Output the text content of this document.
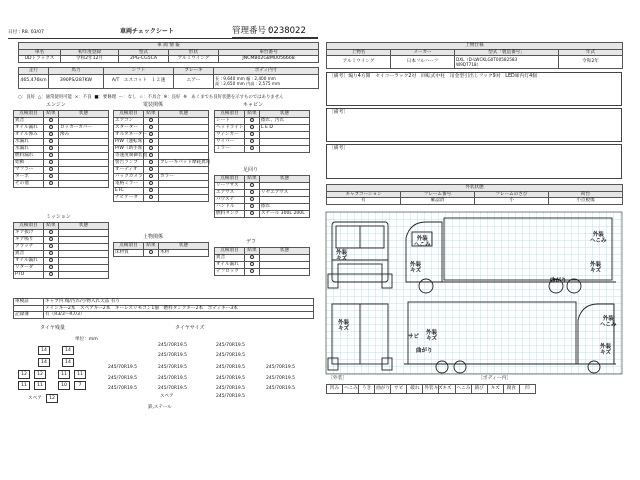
日付 : R8. 03/07	車両チェックシート	管理番号 :
0238022
車 両 情 報				
車名	初年度登録	型式	形状	車台番号
UDトラックス	令和2年12月	2PG-CG5CA	アルミウイング	JNCMB02G8MU056668
走行	馬力	シフト	ブレーキ	ボディ内寸
465,476km	390PS/287KW	A/T　エスコット　１２速	エアー	長 : 9,640 mm 幅 : 2,400 mm
高 : 2,650 mm 内高 : 2,575 mm
○：良好 △：通常使用可能 ×：不良 ■：要修理 ー：なし ☆：不具合 ※：良好 ※　あくまでも良好状態を示すものではありません
エンジン
点検項目	結果	状態
異音		
オイル漏れ		ロッカーカバー
オイル滲み		滲み
水漏れ		
水漏れ		
燃料漏れ		
始動		
マフラー		
ターボ		
その他		
ミッション
点検項目	結果	状態
ギア抜け		
ギア鳴り		
クラッチ		
異音		
オイル漏れ		
リターダ		
PTO		
電装関係
点検項目	結果	状態
エアコン		
スターター		
オルタネーター		
P/W（運転席）		
P/W（助手席）		
等速度制御装置		
警告ランプ		ブレーキパッド摩耗異常
オーディオ		
バックカメラ		カラー
電格ミラー		
ETC		
ナビゲータ		
上物関係
点検項目	結果	状態
床材質		木材
キャビン
点検項目	結果	状態
シート		擦れ、汚れ
ヘッドライト		L E D
ウィンカー		
ワイパー		
ミラー		
足回り
点検項目	結果	状態
リーフサス		
エアサス		リヤエアサス
パワステ		
ハンドル		擦れ
燃料タンク		スチール 300L 200L
デフ
点検項目	結果	状態
異音		
オイル漏れ		
デフロック		
車検証	キャブ内 傷/汚れ/小物入れ欠品 有り
	メインキー2本　スペアキー2本　キーレスリモコン1個　燃料タンクキー2本　ボディキー3本
記録簿	有（R3/3〜R7/3）
タイヤ残量
単位：mm
タイヤサイズ
14	14
14	14
12	12	11	11
11	11	10	7
スペア	12
245/70R19.5	245/70R19.5
245/70R19.5	245/70R19.5
245/70R19.5	245/70R19.5	245/70R19.5	245/70R19.5
245/70R19.5	245/70R19.5	245/70R19.5	245/70R19.5
245/70R19.5	245/70R19.5	245/70R19.5	245/70R19.5
スペア	245/70R19.5
鉄,ステール
上物仕様			
上物名	メーカー	型式「製造番号」	年式
アルミウイング	日本フルハーフ	DXL（D-LWCKLG0T00582583
W9DT718）	令和2年
［備考］煽り4方開　セイコーラック2対　回転式中柱　吊金型引出しフック9対　LED庫内灯4個
［備考］
［備考］
外装状態			
キャブコーション	フレーム番号	フレームのさび	荷台
有	確認済	小	小点板傷
外装
キズ
外装
へこみ
外装
キズ
外装
へこみ
外装
キズ
曲がり
外装
キズ
サビ
曲がり
外装
キズ
外装
へこみ
外装
キズ
［外装］	［ボディー内］
凹み	へこみ	うき	曲がり	サビ	破れ	外装キズ	キズ	へこみ	錆び	キズ	腐食	凹
